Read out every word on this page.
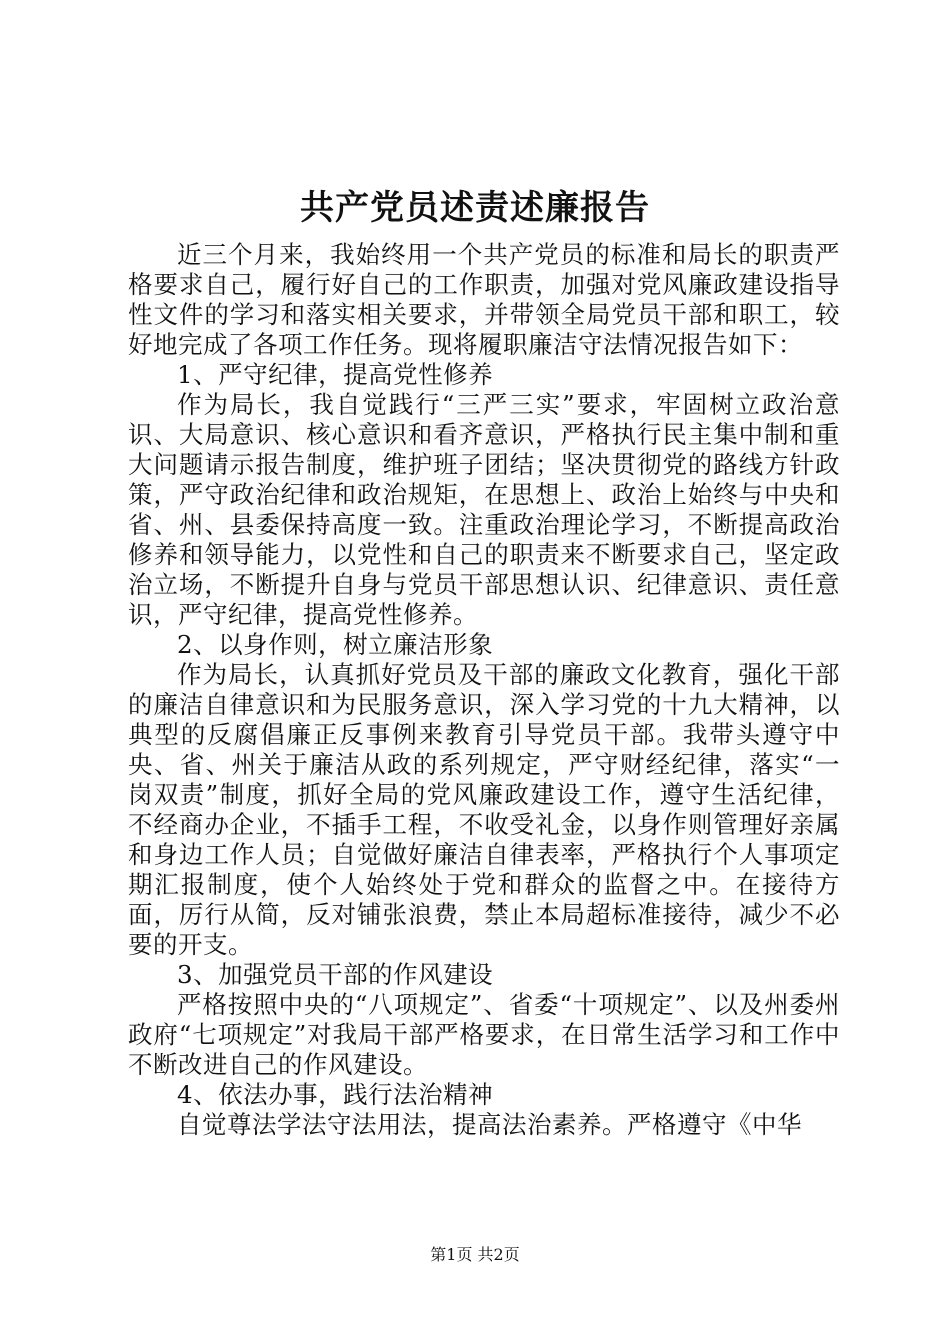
共产党员述责述廉报告

近三个月来，我始终用一个共产党员的标准和局长的职责严格要求自己，履行好自己的工作职责，加强对党风廉政建设指导性文件的学习和落实相关要求，并带领全局党员干部和职工，较好地完成了各项工作任务。现将履职廉洁守法情况报告如下：

1、严守纪律，提高党性修养

作为局长，我自觉践行“三严三实”要求，牢固树立政治意识、大局意识、核心意识和看齐意识，严格执行民主集中制和重大问题请示报告制度，维护班子团结；坚决贯彻党的路线方针政策，严守政治纪律和政治规矩，在思想上、政治上始终与中央和省、州、县委保持高度一致。注重政治理论学习，不断提高政治修养和领导能力，以党性和自己的职责来不断要求自己，坚定政治立场，不断提升自身与党员干部思想认识、纪律意识、责任意识，严守纪律，提高党性修养。

2、以身作则，树立廉洁形象

作为局长，认真抓好党员及干部的廉政文化教育，强化干部的廉洁自律意识和为民服务意识，深入学习党的十九大精神，以典型的反腐倡廉正反事例来教育引导党员干部。我带头遵守中央、省、州关于廉洁从政的系列规定，严守财经纪律，落实“一岗双责”制度，抓好全局的党风廉政建设工作，遵守生活纪律，不经商办企业，不插手工程，不收受礼金，以身作则管理好亲属和身边工作人员；自觉做好廉洁自律表率，严格执行个人事项定期汇报制度，使个人始终处于党和群众的监督之中。在接待方面，厉行从简，反对铺张浪费，禁止本局超标准接待，减少不必要的开支。

3、加强党员干部的作风建设

严格按照中央的“八项规定”、省委“十项规定”、以及州委州政府“七项规定”对我局干部严格要求，在日常生活学习和工作中不断改进自己的作风建设。

4、依法办事，践行法治精神

自觉尊法学法守法用法，提高法治素养。严格遵守《中华

第1页 共2页
